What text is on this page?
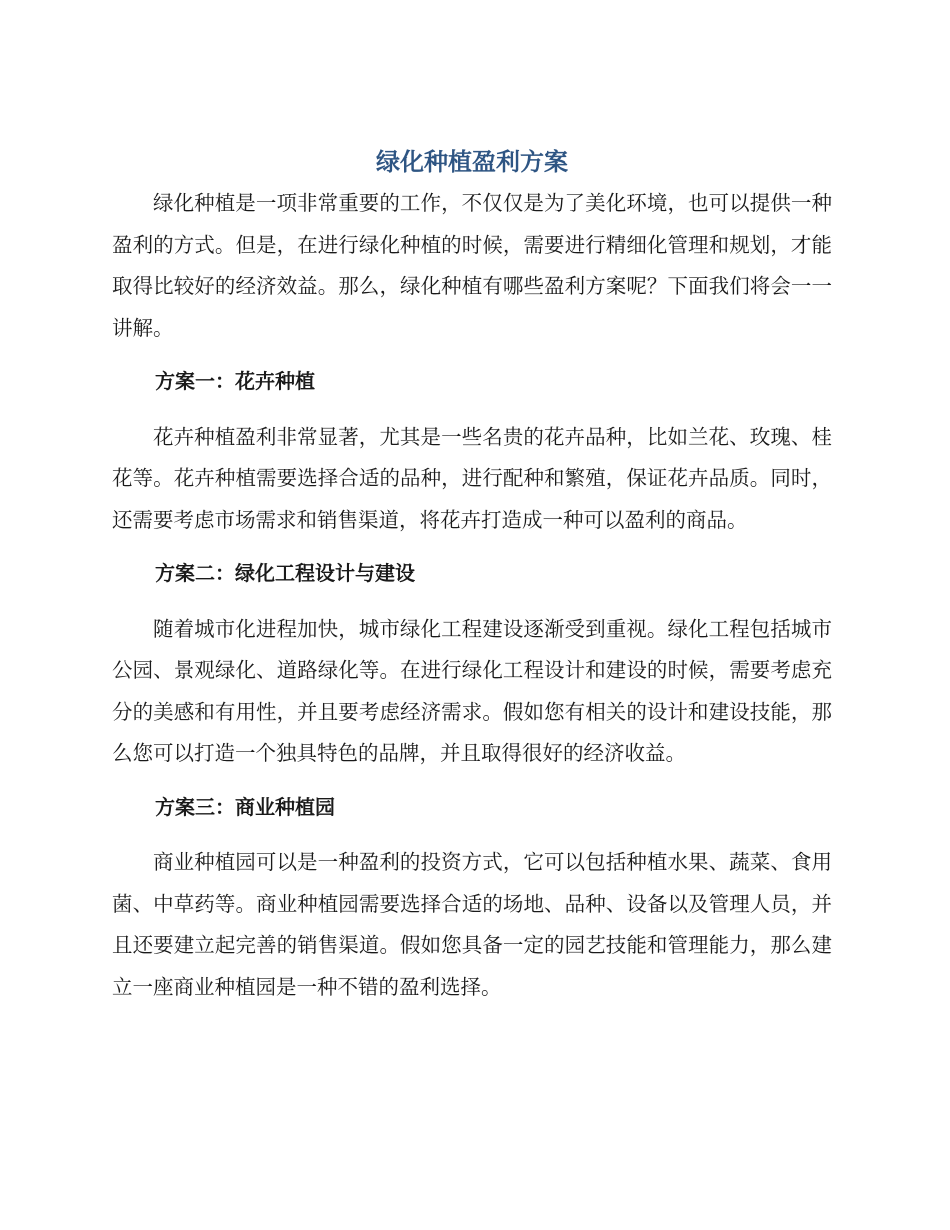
绿化种植盈利方案

绿化种植是一项非常重要的工作，不仅仅是为了美化环境，也可以提供一种盈利的方式。但是，在进行绿化种植的时候，需要进行精细化管理和规划，才能取得比较好的经济效益。那么，绿化种植有哪些盈利方案呢？下面我们将会一一讲解。

方案一：花卉种植

花卉种植盈利非常显著，尤其是一些名贵的花卉品种，比如兰花、玫瑰、桂花等。花卉种植需要选择合适的品种，进行配种和繁殖，保证花卉品质。同时，还需要考虑市场需求和销售渠道，将花卉打造成一种可以盈利的商品。

方案二：绿化工程设计与建设

随着城市化进程加快，城市绿化工程建设逐渐受到重视。绿化工程包括城市公园、景观绿化、道路绿化等。在进行绿化工程设计和建设的时候，需要考虑充分的美感和有用性，并且要考虑经济需求。假如您有相关的设计和建设技能，那么您可以打造一个独具特色的品牌，并且取得很好的经济收益。

方案三：商业种植园

商业种植园可以是一种盈利的投资方式，它可以包括种植水果、蔬菜、食用菌、中草药等。商业种植园需要选择合适的场地、品种、设备以及管理人员，并且还要建立起完善的销售渠道。假如您具备一定的园艺技能和管理能力，那么建立一座商业种植园是一种不错的盈利选择。
